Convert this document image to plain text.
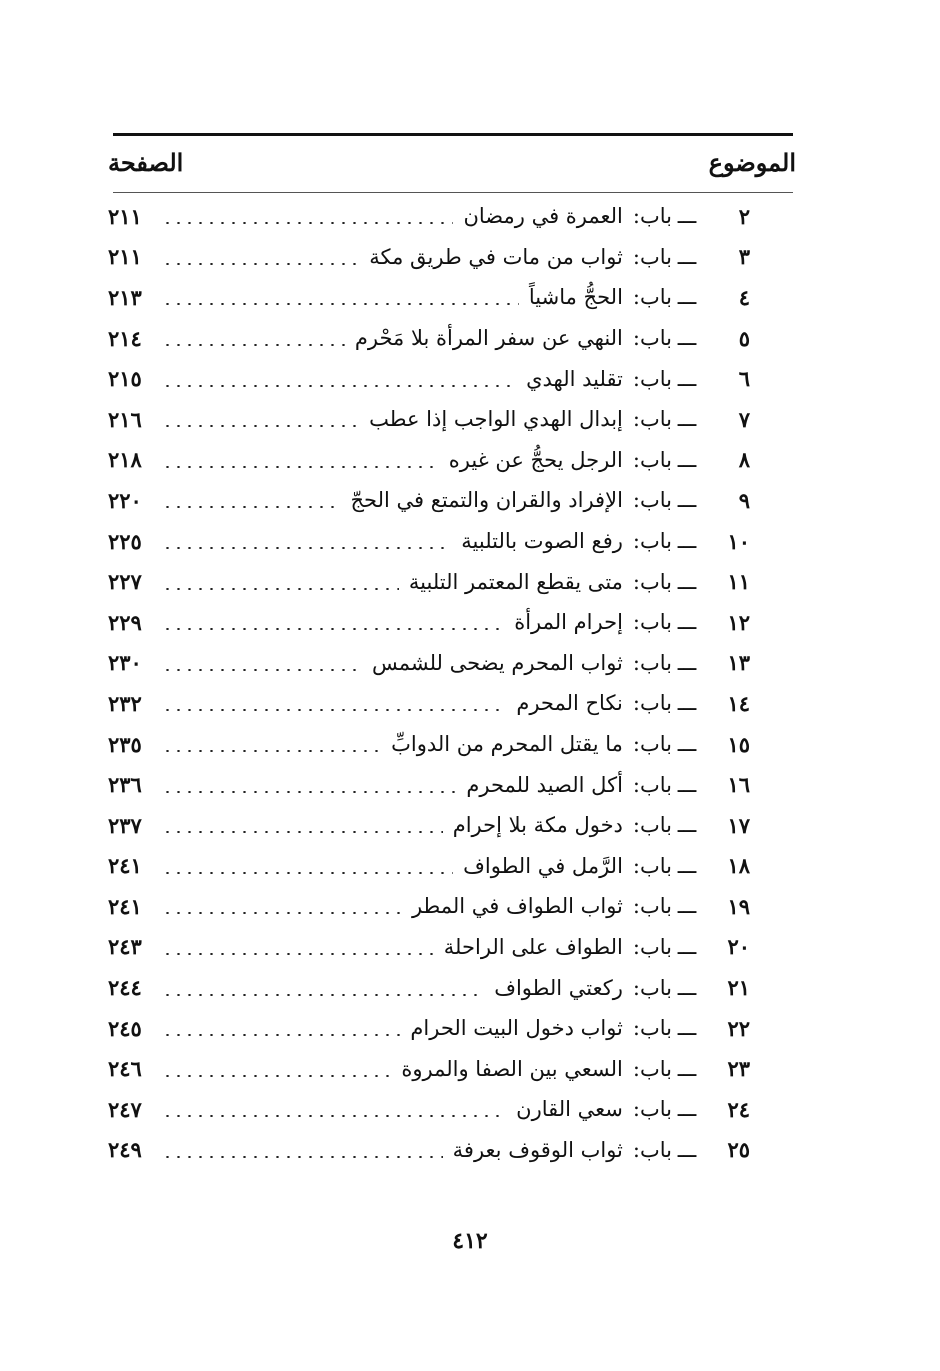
الموضوع
الصفحة
٢
ـــ
باب:
العمرة في رمضان
٢١١
٣
ـــ
باب:
ثواب من مات في طريق مكة
٢١١
٤
ـــ
باب:
الحجُّ ماشياً
٢١٣
٥
ـــ
باب:
النهي عن سفر المرأة بلا مَحْرم
٢١٤
٦
ـــ
باب:
تقليد الهدي
٢١٥
٧
ـــ
باب:
إبدال الهدي الواجب إذا عطب
٢١٦
٨
ـــ
باب:
الرجل يحجُّ عن غيره
٢١٨
٩
ـــ
باب:
الإفراد والقران والتمتع في الحجّ
٢٢٠
١٠
ـــ
باب:
رفع الصوت بالتلبية
٢٢٥
١١
ـــ
باب:
متى يقطع المعتمر التلبية
٢٢٧
١٢
ـــ
باب:
إحرام المرأة
٢٢٩
١٣
ـــ
باب:
ثواب المحرم يضحى للشمس
٢٣٠
١٤
ـــ
باب:
نكاح المحرم
٢٣٢
١٥
ـــ
باب:
ما يقتل المحرم من الدوابِّ
٢٣٥
١٦
ـــ
باب:
أكل الصيد للمحرم
٢٣٦
١٧
ـــ
باب:
دخول مكة بلا إحرام
٢٣٧
١٨
ـــ
باب:
الرَّمل في الطواف
٢٤١
١٩
ـــ
باب:
ثواب الطواف في المطر
٢٤١
٢٠
ـــ
باب:
الطواف على الراحلة
٢٤٣
٢١
ـــ
باب:
ركعتي الطواف
٢٤٤
٢٢
ـــ
باب:
ثواب دخول البيت الحرام
٢٤٥
٢٣
ـــ
باب:
السعي بين الصفا والمروة
٢٤٦
٢٤
ـــ
باب:
سعي القارن
٢٤٧
٢٥
ـــ
باب:
ثواب الوقوف بعرفة
٢٤٩
٤١٢
